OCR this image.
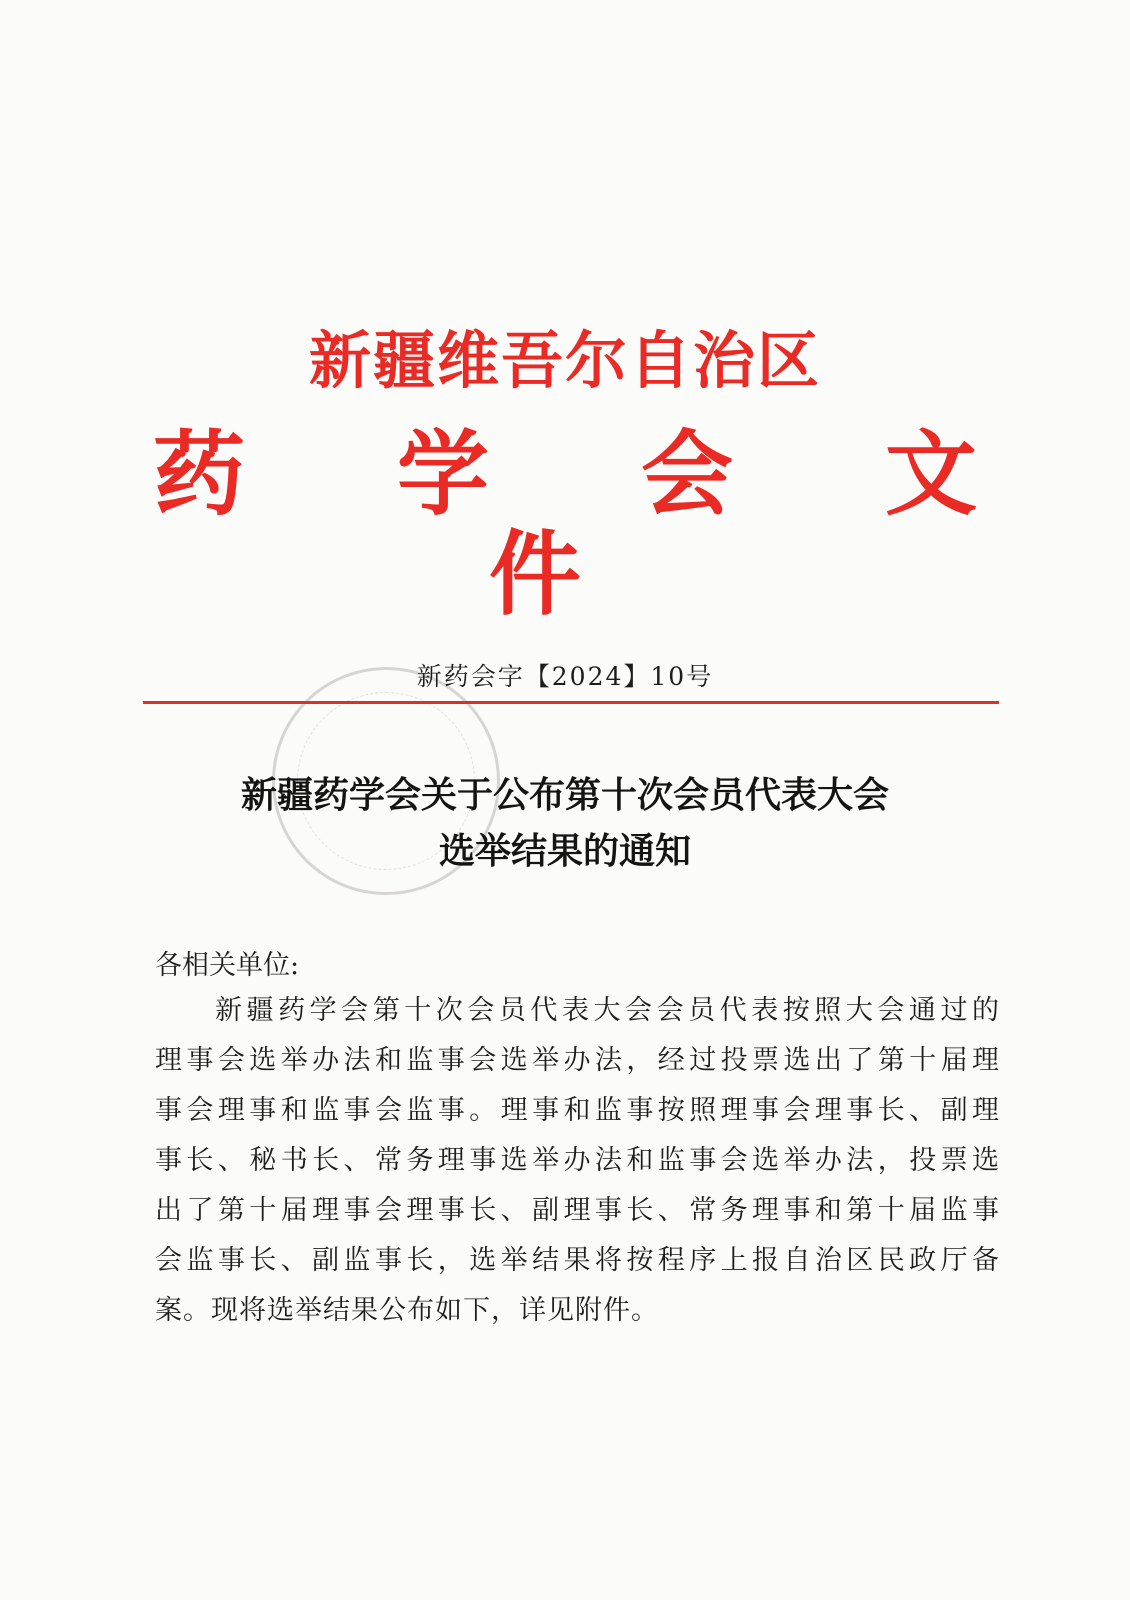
新疆维吾尔自治区
药 学 会 文 件
新药会字【2024】10号
新疆药学会关于公布第十次会员代表大会
选举结果的通知
各相关单位:
新疆药学会第十次会员代表大会会员代表按照大会通过的
理事会选举办法和监事会选举办法，经过投票选出了第十届理
事会理事和监事会监事。理事和监事按照理事会理事长、副理
事长、秘书长、常务理事选举办法和监事会选举办法，投票选
出了第十届理事会理事长、副理事长、常务理事和第十届监事
会监事长、副监事长，选举结果将按程序上报自治区民政厅备
案。现将选举结果公布如下，详见附件。
